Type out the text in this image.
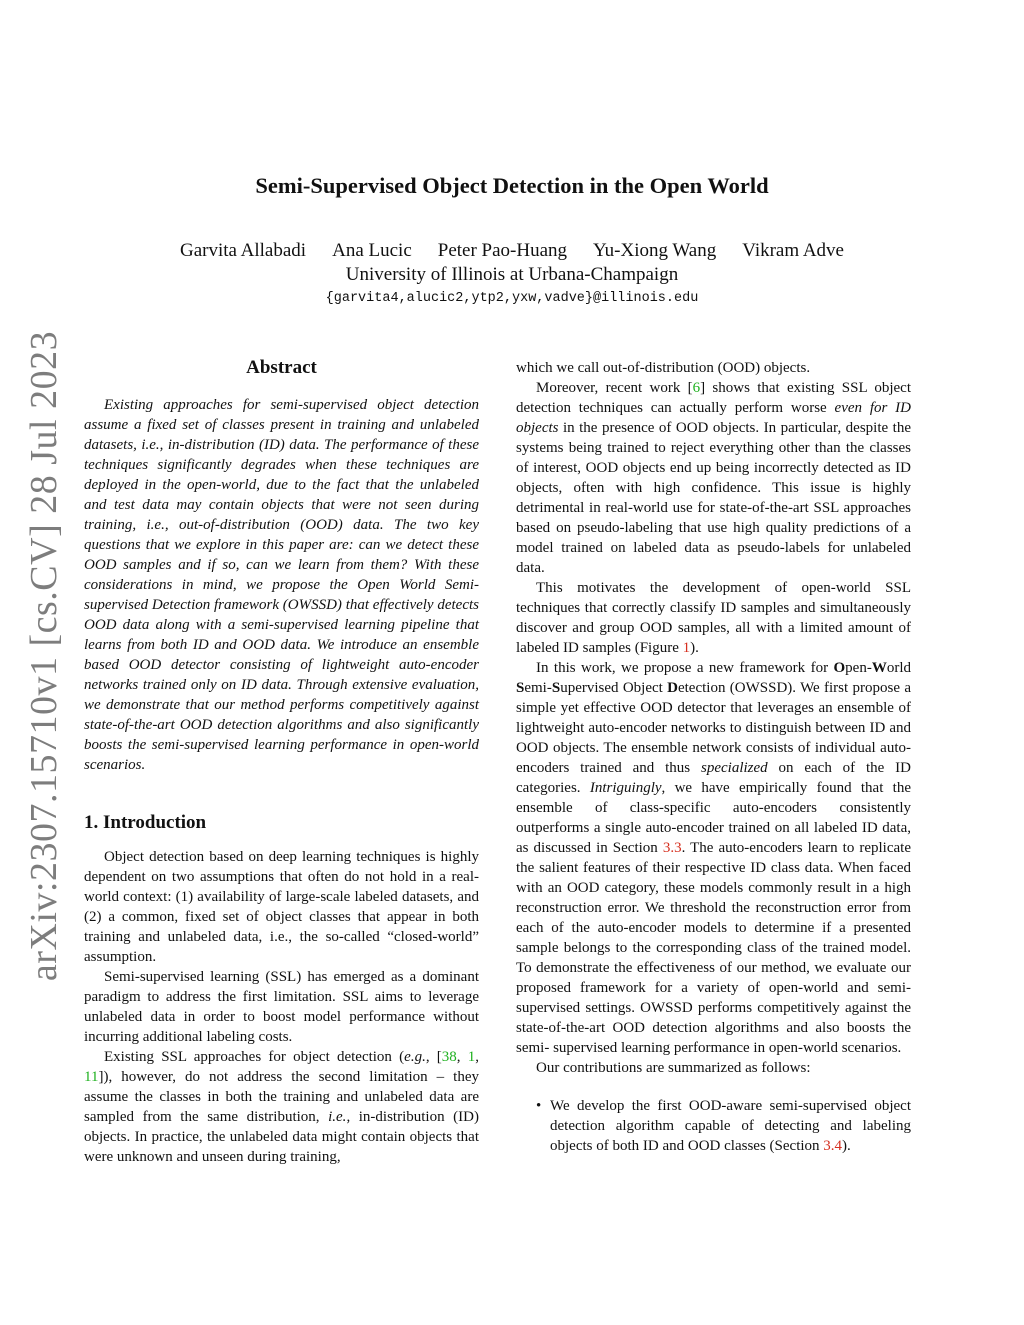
arXiv:2307.15710v1 [cs.CV] 28 Jul 2023
Semi-Supervised Object Detection in the Open World
Garvita Allabadi Ana Lucic Peter Pao-Huang Yu-Xiong Wang Vikram Adve
University of Illinois at Urbana-Champaign
{garvita4,alucic2,ytp2,yxw,vadve}@illinois.edu
Abstract

Existing approaches for semi-supervised object detection assume a fixed set of classes present in training and unlabeled datasets, i.e., in-distribution (ID) data. The performance of these techniques significantly degrades when these techniques are deployed in the open-world, due to the fact that the unlabeled and test data may contain objects that were not seen during training, i.e., out-of-distribution (OOD) data. The two key questions that we explore in this paper are: can we detect these OOD samples and if so, can we learn from them? With these considerations in mind, we propose the Open World Semi-supervised Detection framework (OWSSD) that effectively detects OOD data along with a semi-supervised learning pipeline that learns from both ID and OOD data. We introduce an ensemble based OOD detector consisting of lightweight auto-encoder networks trained only on ID data. Through extensive evaluation, we demonstrate that our method performs competitively against state-of-the-art OOD detection algorithms and also significantly boosts the semi-supervised learning performance in open-world scenarios.

1. Introduction

Object detection based on deep learning techniques is highly dependent on two assumptions that often do not hold in a real-world context: (1) availability of large-scale labeled datasets, and (2) a common, fixed set of object classes that appear in both training and unlabeled data, i.e., the so-called “closed-world” assumption.

Semi-supervised learning (SSL) has emerged as a dominant paradigm to address the first limitation. SSL aims to leverage unlabeled data in order to boost model performance without incurring additional labeling costs.

Existing SSL approaches for object detection (e.g., [38, 1, 11]), however, do not address the second limitation – they assume the classes in both the training and unlabeled data are sampled from the same distribution, i.e., in-distribution (ID) objects. In practice, the unlabeled data might contain objects that were unknown and unseen during training,

which we call out-of-distribution (OOD) objects.

Moreover, recent work [6] shows that existing SSL object detection techniques can actually perform worse even for ID objects in the presence of OOD objects. In particular, despite the systems being trained to reject everything other than the classes of interest, OOD objects end up being incorrectly detected as ID objects, often with high confidence. This issue is highly detrimental in real-world use for state-of-the-art SSL approaches based on pseudo-labeling that use high quality predictions of a model trained on labeled data as pseudo-labels for unlabeled data.

This motivates the development of open-world SSL techniques that correctly classify ID samples and simultaneously discover and group OOD samples, all with a limited amount of labeled ID samples (Figure 1).

In this work, we propose a new framework for Open-World Semi-Supervised Object Detection (OWSSD). We first propose a simple yet effective OOD detector that leverages an ensemble of lightweight auto-encoder networks to distinguish between ID and OOD objects. The ensemble network consists of individual auto-encoders trained and thus specialized on each of the ID categories. Intriguingly, we have empirically found that the ensemble of class-specific auto-encoders consistently outperforms a single auto-encoder trained on all labeled ID data, as discussed in Section 3.3. The auto-encoders learn to replicate the salient features of their respective ID class data. When faced with an OOD category, these models commonly result in a high reconstruction error. We threshold the reconstruction error from each of the auto-encoder models to determine if a presented sample belongs to the corresponding class of the trained model. To demonstrate the effectiveness of our method, we evaluate our proposed framework for a variety of open-world and semi-supervised settings. OWSSD performs competitively against the state-of-the-art OOD detection algorithms and also boosts the semi- supervised learning performance in open-world scenarios.

Our contributions are summarized as follows:

• We develop the first OOD-aware semi-supervised object detection algorithm capable of detecting and labeling objects of both ID and OOD classes (Section 3.4).
